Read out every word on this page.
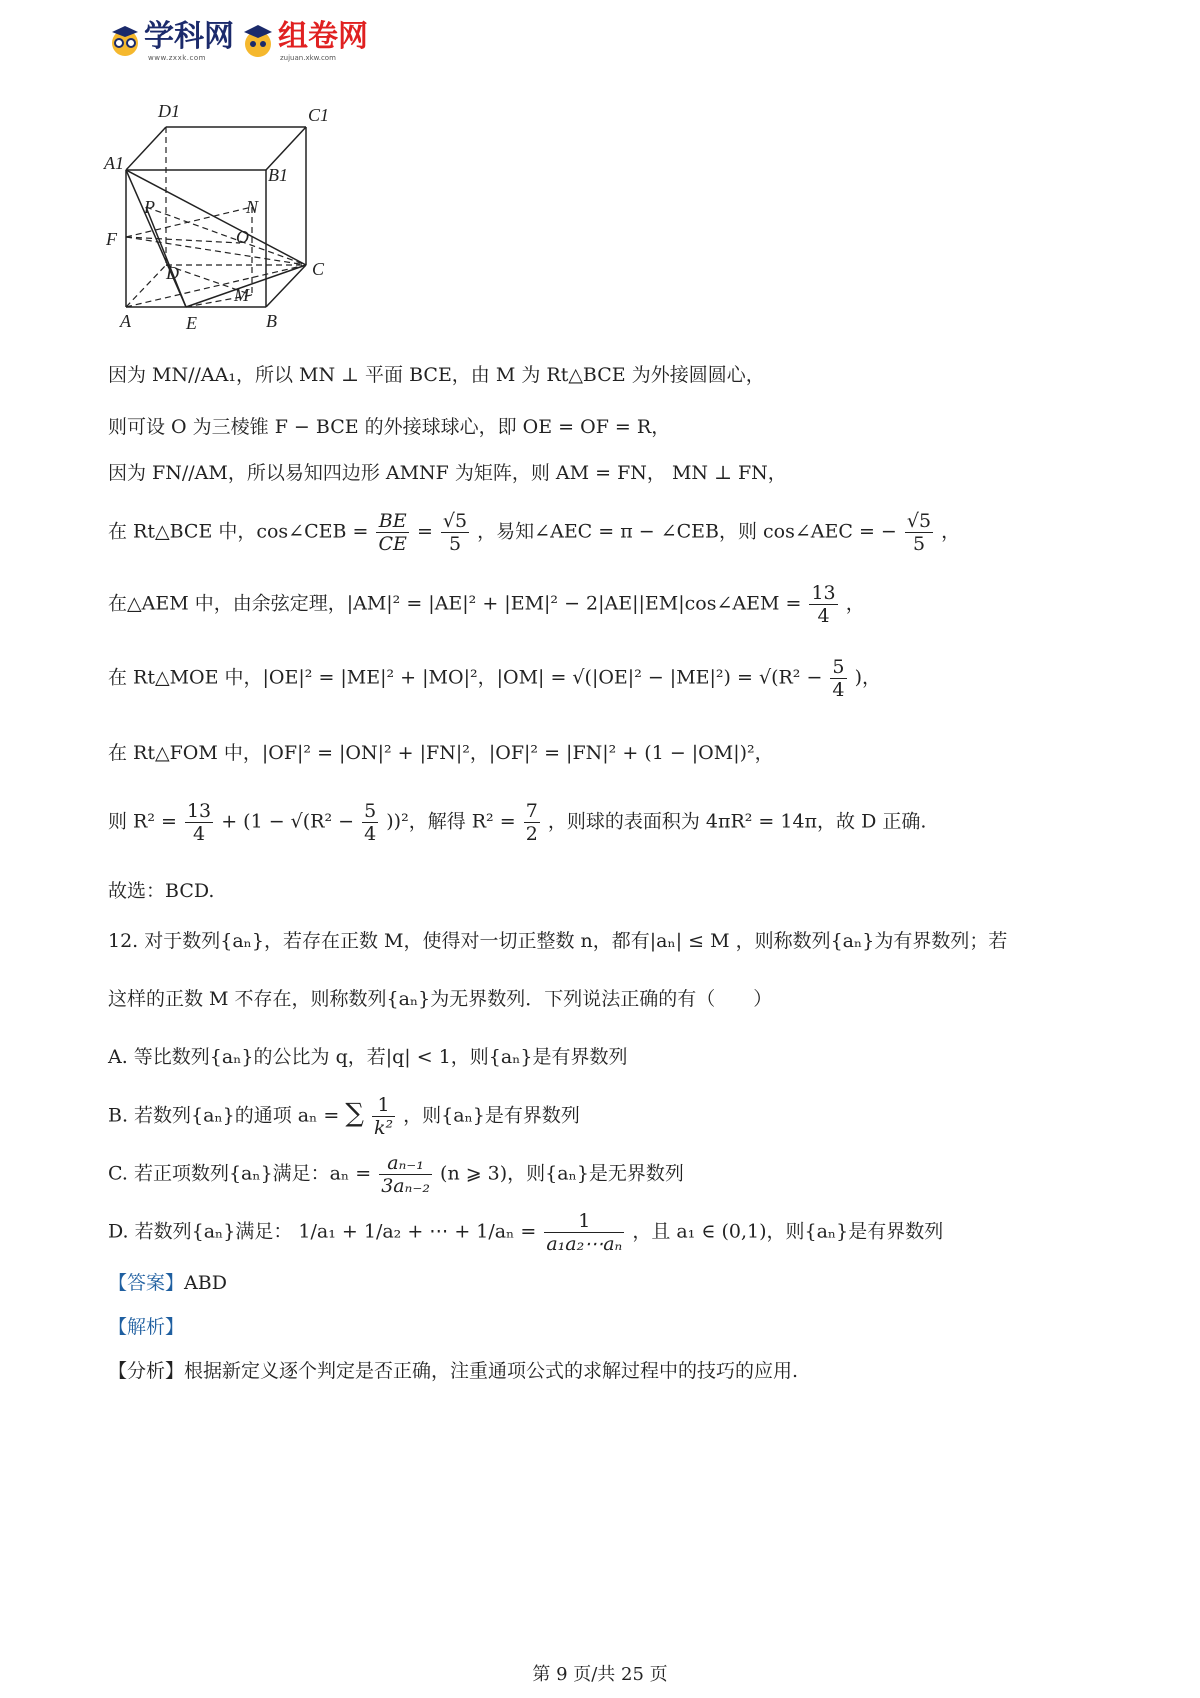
学科网
www.zxxk.com
组卷网
zujuan.xkw.com
D1	C1
A1
B1
P	N
F	O
D	C
M
A	E	B
因为 MN//AA₁，所以 MN ⊥ 平面 BCE，由 M 为 Rt△BCE 为外接圆圆心，
则可设 O 为三棱锥 F − BCE 的外接球球心，即 OE = OF = R，
因为 FN//AM，所以易知四边形 AMNF 为矩阵，则 AM = FN， MN ⊥ FN，
在 Rt△BCE 中，cos∠CEB = $\frac{BE}{CE} = \frac{√5}{5}$ ，易知∠AEC = π − ∠CEB，则 cos∠AEC = − $\frac{√5}{5}$ ，
在△AEM 中，由余弦定理，|AM|² = |AE|² + |EM|² − 2|AE||EM|cos∠AEM = $\frac{13}{4}$ ，
在 Rt△MOE 中，|OE|² = |ME|² + |MO|²，$|OM| = √(|OE|^2 - |ME|^2) = √(R^2 - \frac{5}{4}$ )，
在 Rt△FOM 中，|OF|² = |ON|² + |FN|²，|OF|² = |FN|² + (1 − |OM|)²，
则 $R^2 = \frac{13}{4} + (1 - √(R^2 - \frac{5}{4} ))^2$，解得 $R^2 = \frac{7}{2}$ ，则球的表面积为 4πR² = 14π，故 D 正确.
故选：BCD.
12. 对于数列{aₙ}，若存在正数 M，使得对一切正整数 n，都有|aₙ| ≤ M ，则称数列{aₙ}为有界数列；若
这样的正数 M 不存在，则称数列{aₙ}为无界数列．下列说法正确的有（　　）
A. 等比数列{aₙ}的公比为 q，若|q| < 1，则{aₙ}是有界数列
B. 若数列{aₙ}的通项 aₙ = ∑ $\frac{1}{\text{k²}}$ ，则{aₙ}是有界数列
C. 若正项数列{aₙ}满足：$a_n = \frac{\text{aₙ₋₁}}{\text{3aₙ₋₂}} (n$ ⩾ 3)，则{aₙ}是无界数列
D. 若数列{aₙ}满足： 1/a₁ + 1/a₂ + ⋯ + $1/a_n = \frac{1}{\text{a₁a₂⋯aₙ}}$ ，且 a₁ ∈ (0,1)，则{aₙ}是有界数列
【答案】ABD
【解析】
【分析】根据新定义逐个判定是否正确，注重通项公式的求解过程中的技巧的应用.
第 9 页/共 25 页
